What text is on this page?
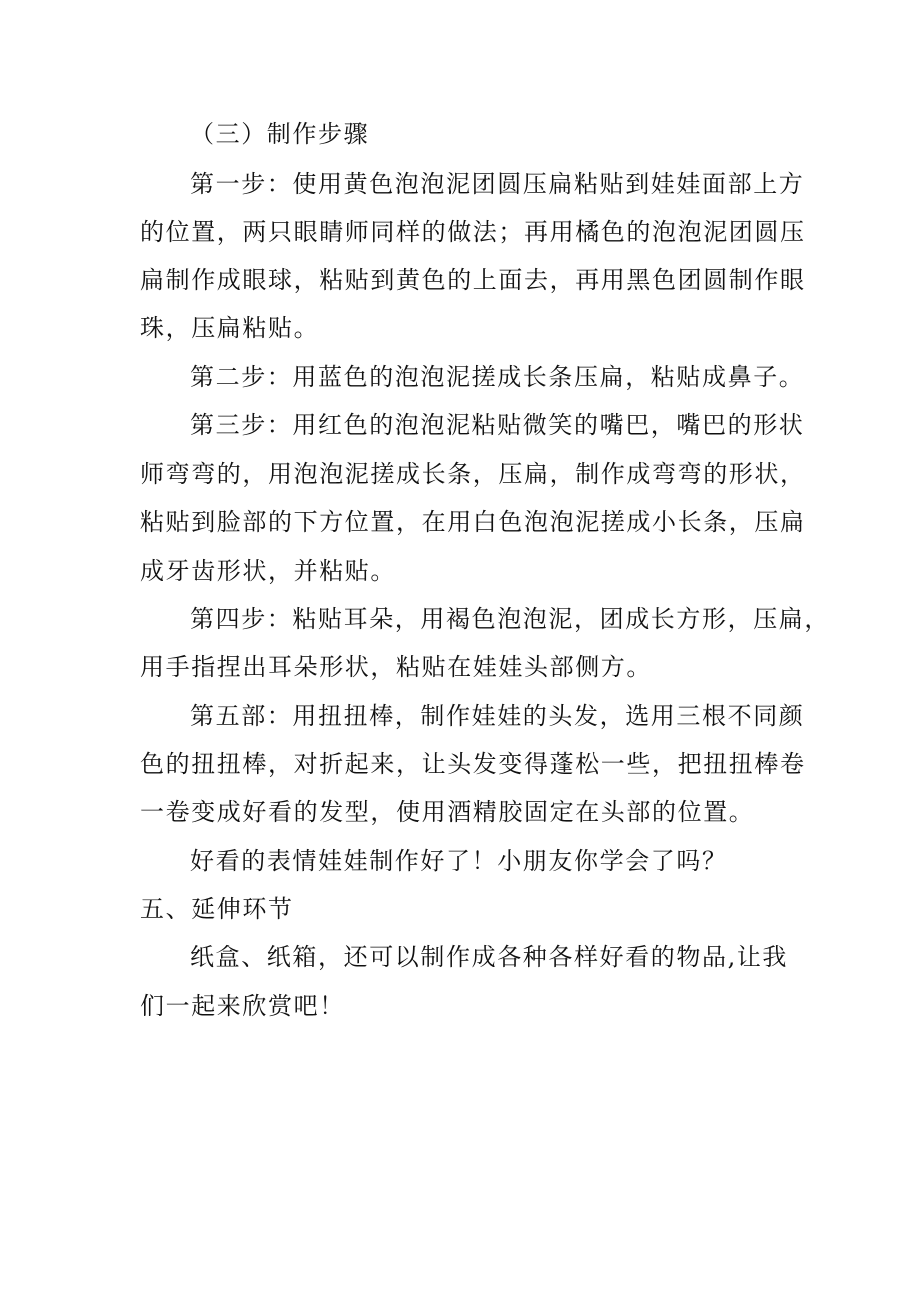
（三）制作步骤
第一步：使用黄色泡泡泥团圆压扁粘贴到娃娃面部上方
的位置，两只眼睛师同样的做法；再用橘色的泡泡泥团圆压
扁制作成眼球，粘贴到黄色的上面去，再用黑色团圆制作眼
珠，压扁粘贴。
第二步：用蓝色的泡泡泥搓成长条压扁，粘贴成鼻子。
第三步：用红色的泡泡泥粘贴微笑的嘴巴，嘴巴的形状
师弯弯的，用泡泡泥搓成长条，压扁，制作成弯弯的形状，
粘贴到脸部的下方位置，在用白色泡泡泥搓成小长条，压扁
成牙齿形状，并粘贴。
第四步：粘贴耳朵，用褐色泡泡泥，团成长方形，压扁，
用手指捏出耳朵形状，粘贴在娃娃头部侧方。
第五部：用扭扭棒，制作娃娃的头发，选用三根不同颜
色的扭扭棒，对折起来，让头发变得蓬松一些，把扭扭棒卷
一卷变成好看的发型，使用酒精胶固定在头部的位置。
好看的表情娃娃制作好了！小朋友你学会了吗？
五、延伸环节
纸盒、纸箱，还可以制作成各种各样好看的物品,让我
们一起来欣赏吧！
